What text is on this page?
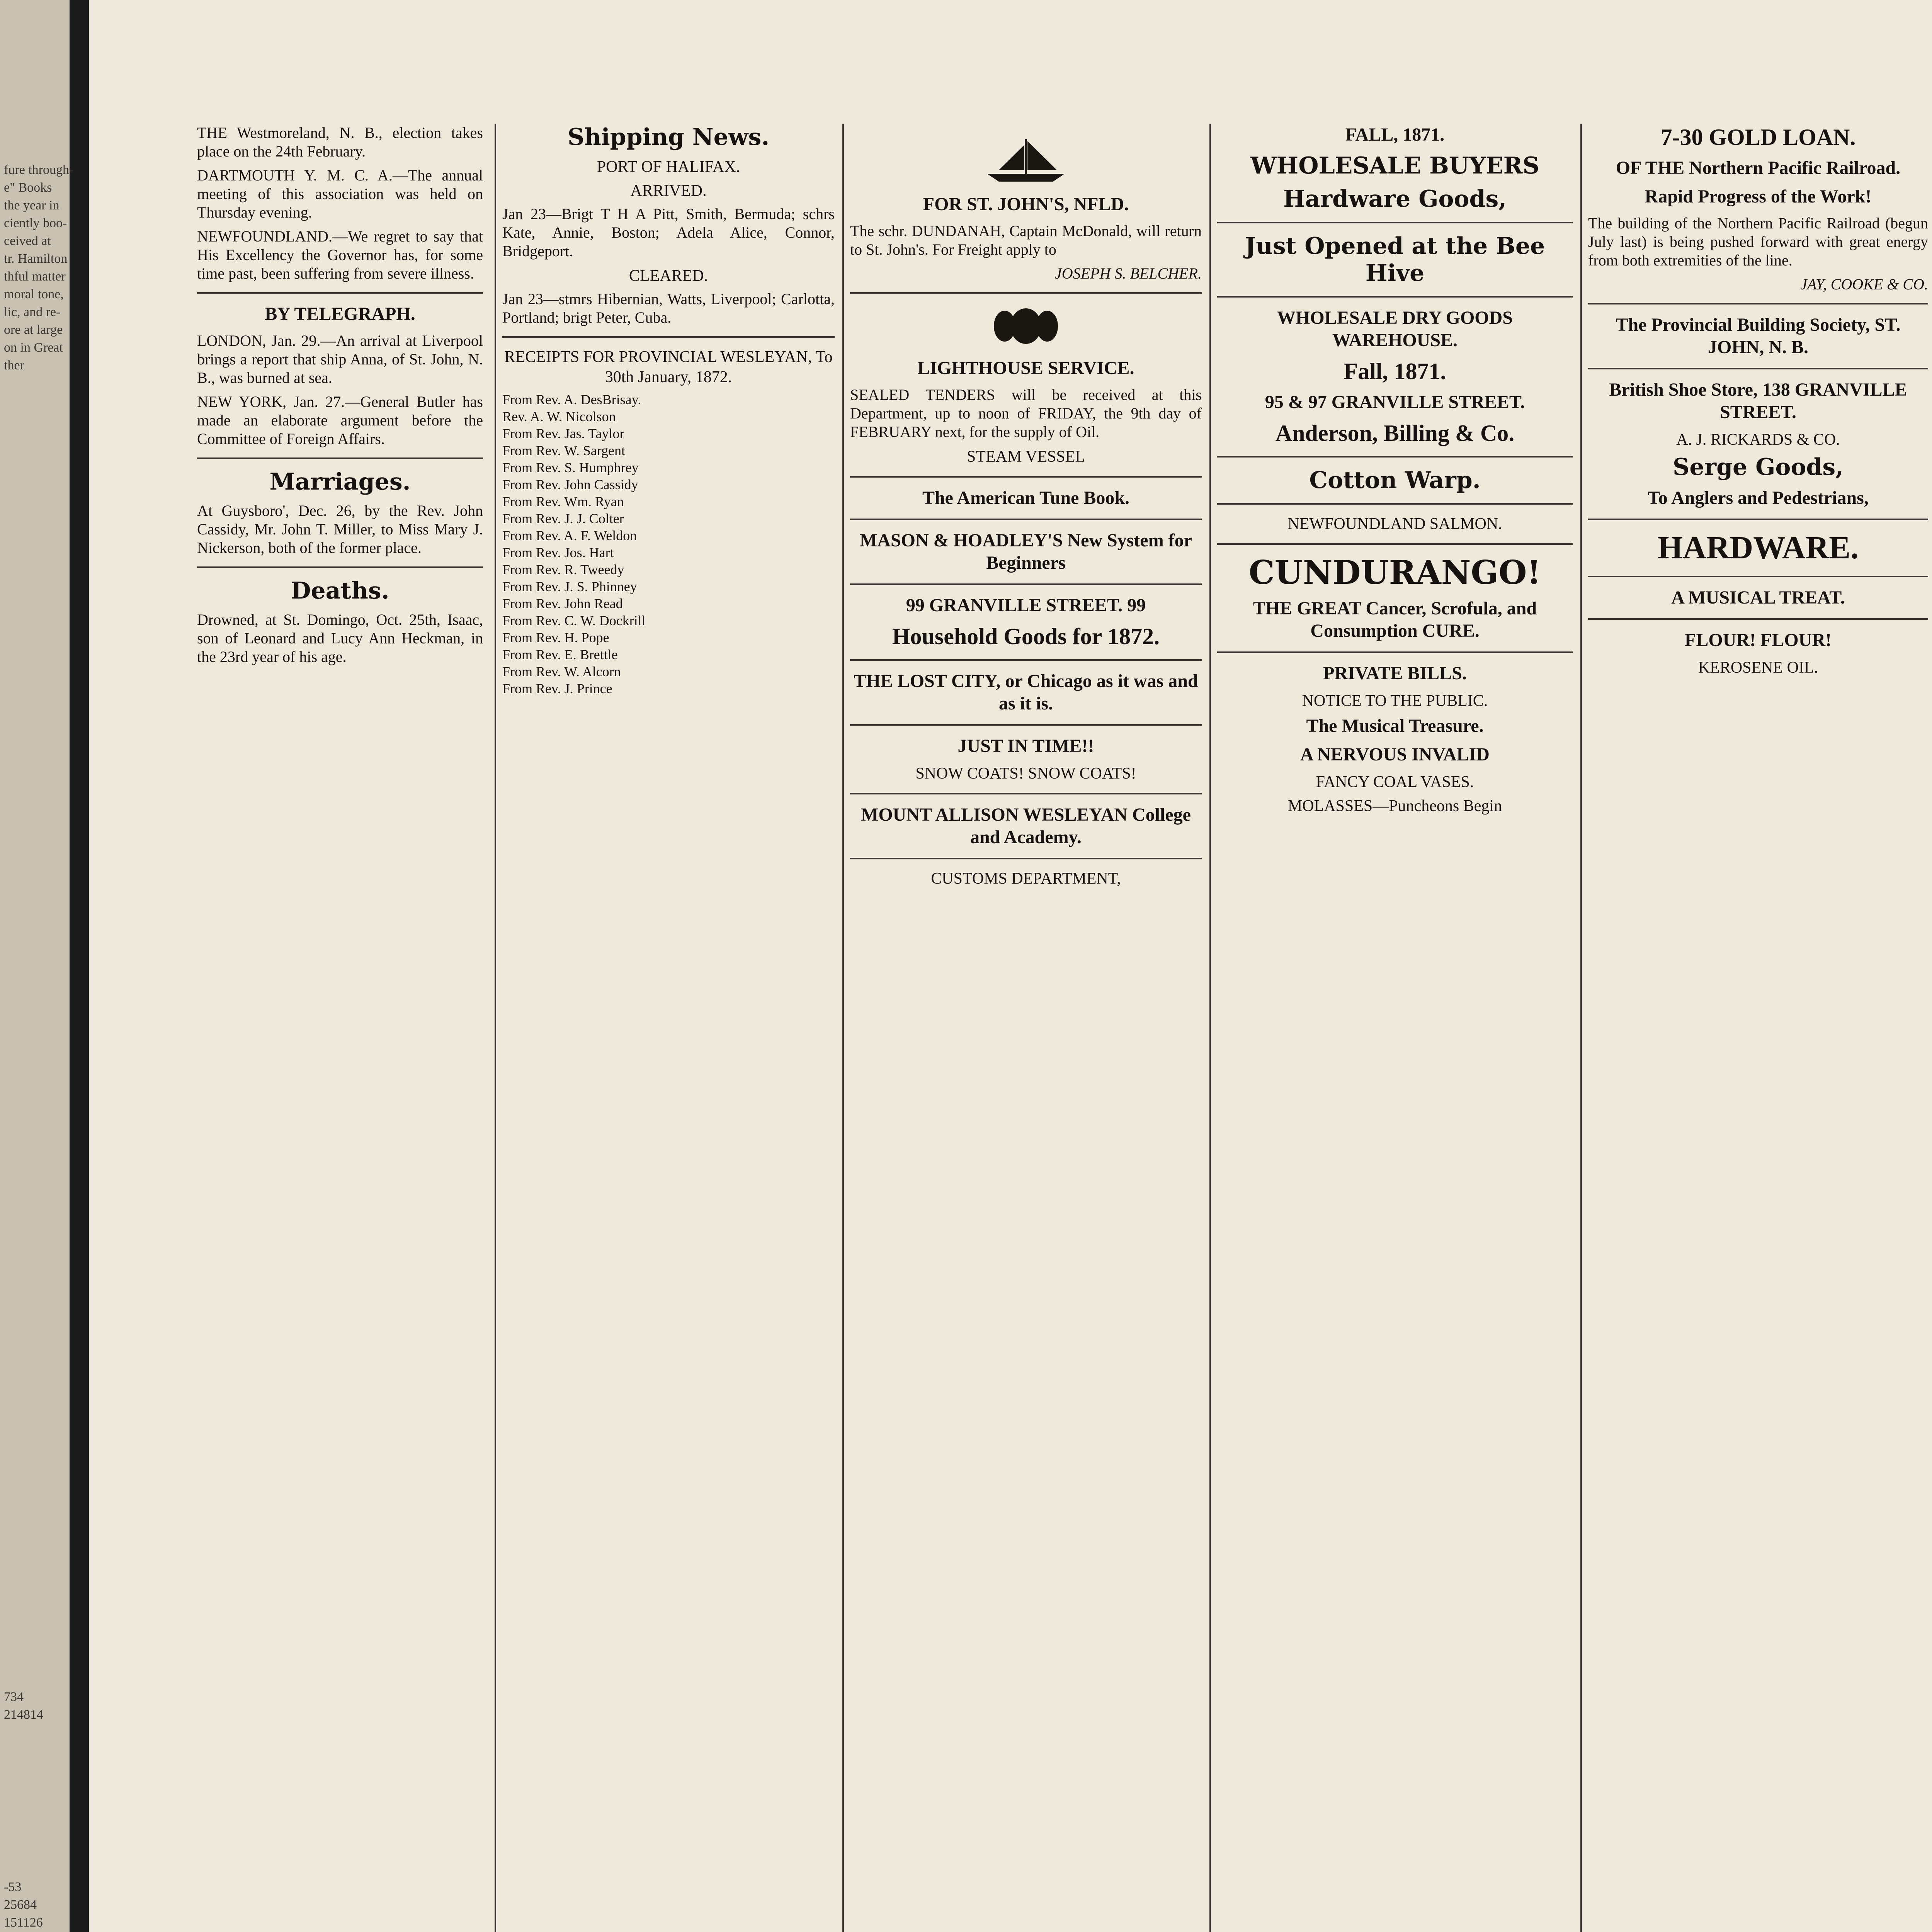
fure through-

e" Books

the year in

ciently boo-

ceived at

tr. Hamilton

thful matter

moral tone,

lic, and re-

ore at large

on in Great

ther

734

214814

-53

25684

151126

THE Westmoreland, N. B., election takes place on the 24th February.

DARTMOUTH Y. M. C. A.—The annual meeting of this association was held on Thursday evening.

NEWFOUNDLAND.—We regret to say that His Excellency the Governor has, for some time past, been suffering from severe illness.

BY TELEGRAPH.

LONDON, Jan. 29.—An arrival at Liverpool brings a report that ship Anna, of St. John, N. B., was burned at sea.

NEW YORK, Jan. 27.—General Butler has made an elaborate argument before the Committee of Foreign Affairs.

Marriages.

At Guysboro', Dec. 26, by the Rev. John Cassidy, Mr. John T. Miller, to Miss Mary J. Nickerson, both of the former place.

Deaths.

Drowned, at St. Domingo, Oct. 25th, Isaac, son of Leonard and Lucy Ann Heckman, in the 23rd year of his age.

Shipping News.

PORT OF HALIFAX.

ARRIVED.

Jan 23—Brigt T H A Pitt, Smith, Bermuda; schrs Kate, Annie, Boston; Adela Alice, Connor, Bridgeport.

CLEARED.

Jan 23—stmrs Hibernian, Watts, Liverpool; Carlotta, Portland; brigt Peter, Cuba.

RECEIPTS FOR PROVINCIAL WESLEYAN, To 30th January, 1872.

From Rev. A. DesBrisay.
Rev. A. W. Nicolson
From Rev. Jas. Taylor
From Rev. W. Sargent
From Rev. S. Humphrey
From Rev. John Cassidy
From Rev. Wm. Ryan
From Rev. J. J. Colter
From Rev. A. F. Weldon
From Rev. Jos. Hart
From Rev. R. Tweedy
From Rev. J. S. Phinney
From Rev. John Read
From Rev. C. W. Dockrill
From Rev. H. Pope
From Rev. E. Brettle
From Rev. W. Alcorn
From Rev. J. Prince

FOR ST. JOHN'S, NFLD.

The schr. DUNDANAH, Captain McDonald, will return to St. John's. For Freight apply to

JOSEPH S. BELCHER.

LIGHTHOUSE SERVICE.

SEALED TENDERS will be received at this Department, up to noon of FRIDAY, the 9th day of FEBRUARY next, for the supply of Oil.

STEAM VESSEL

The American Tune Book.

MASON & HOADLEY'S New System for Beginners

99 GRANVILLE STREET. 99

Household Goods for 1872.

THE LOST CITY, or Chicago as it was and as it is.

JUST IN TIME!!

SNOW COATS! SNOW COATS!

MOUNT ALLISON WESLEYAN College and Academy.

CUSTOMS DEPARTMENT,

FALL, 1871.

WHOLESALE BUYERS

Hardware Goods,

Just Opened at the Bee Hive

WHOLESALE DRY GOODS WAREHOUSE.

Fall, 1871.

95 & 97 GRANVILLE STREET.

Anderson, Billing & Co.

Cotton Warp.

NEWFOUNDLAND SALMON.

CUNDURANGO!

THE GREAT Cancer, Scrofula, and Consumption CURE.

PRIVATE BILLS.

NOTICE TO THE PUBLIC.

The Musical Treasure.

A NERVOUS INVALID

FANCY COAL VASES.

MOLASSES—Puncheons Begin

7-30 GOLD LOAN.

OF THE Northern Pacific Railroad.

Rapid Progress of the Work!

The building of the Northern Pacific Railroad (begun July last) is being pushed forward with great energy from both extremities of the line.

JAY, COOKE & CO.

The Provincial Building Society, ST. JOHN, N. B.

British Shoe Store, 138 GRANVILLE STREET.

A. J. RICKARDS & CO.

Serge Goods,

To Anglers and Pedestrians,

HARDWARE.

A MUSICAL TREAT.

FLOUR! FLOUR!

KEROSENE OIL.
